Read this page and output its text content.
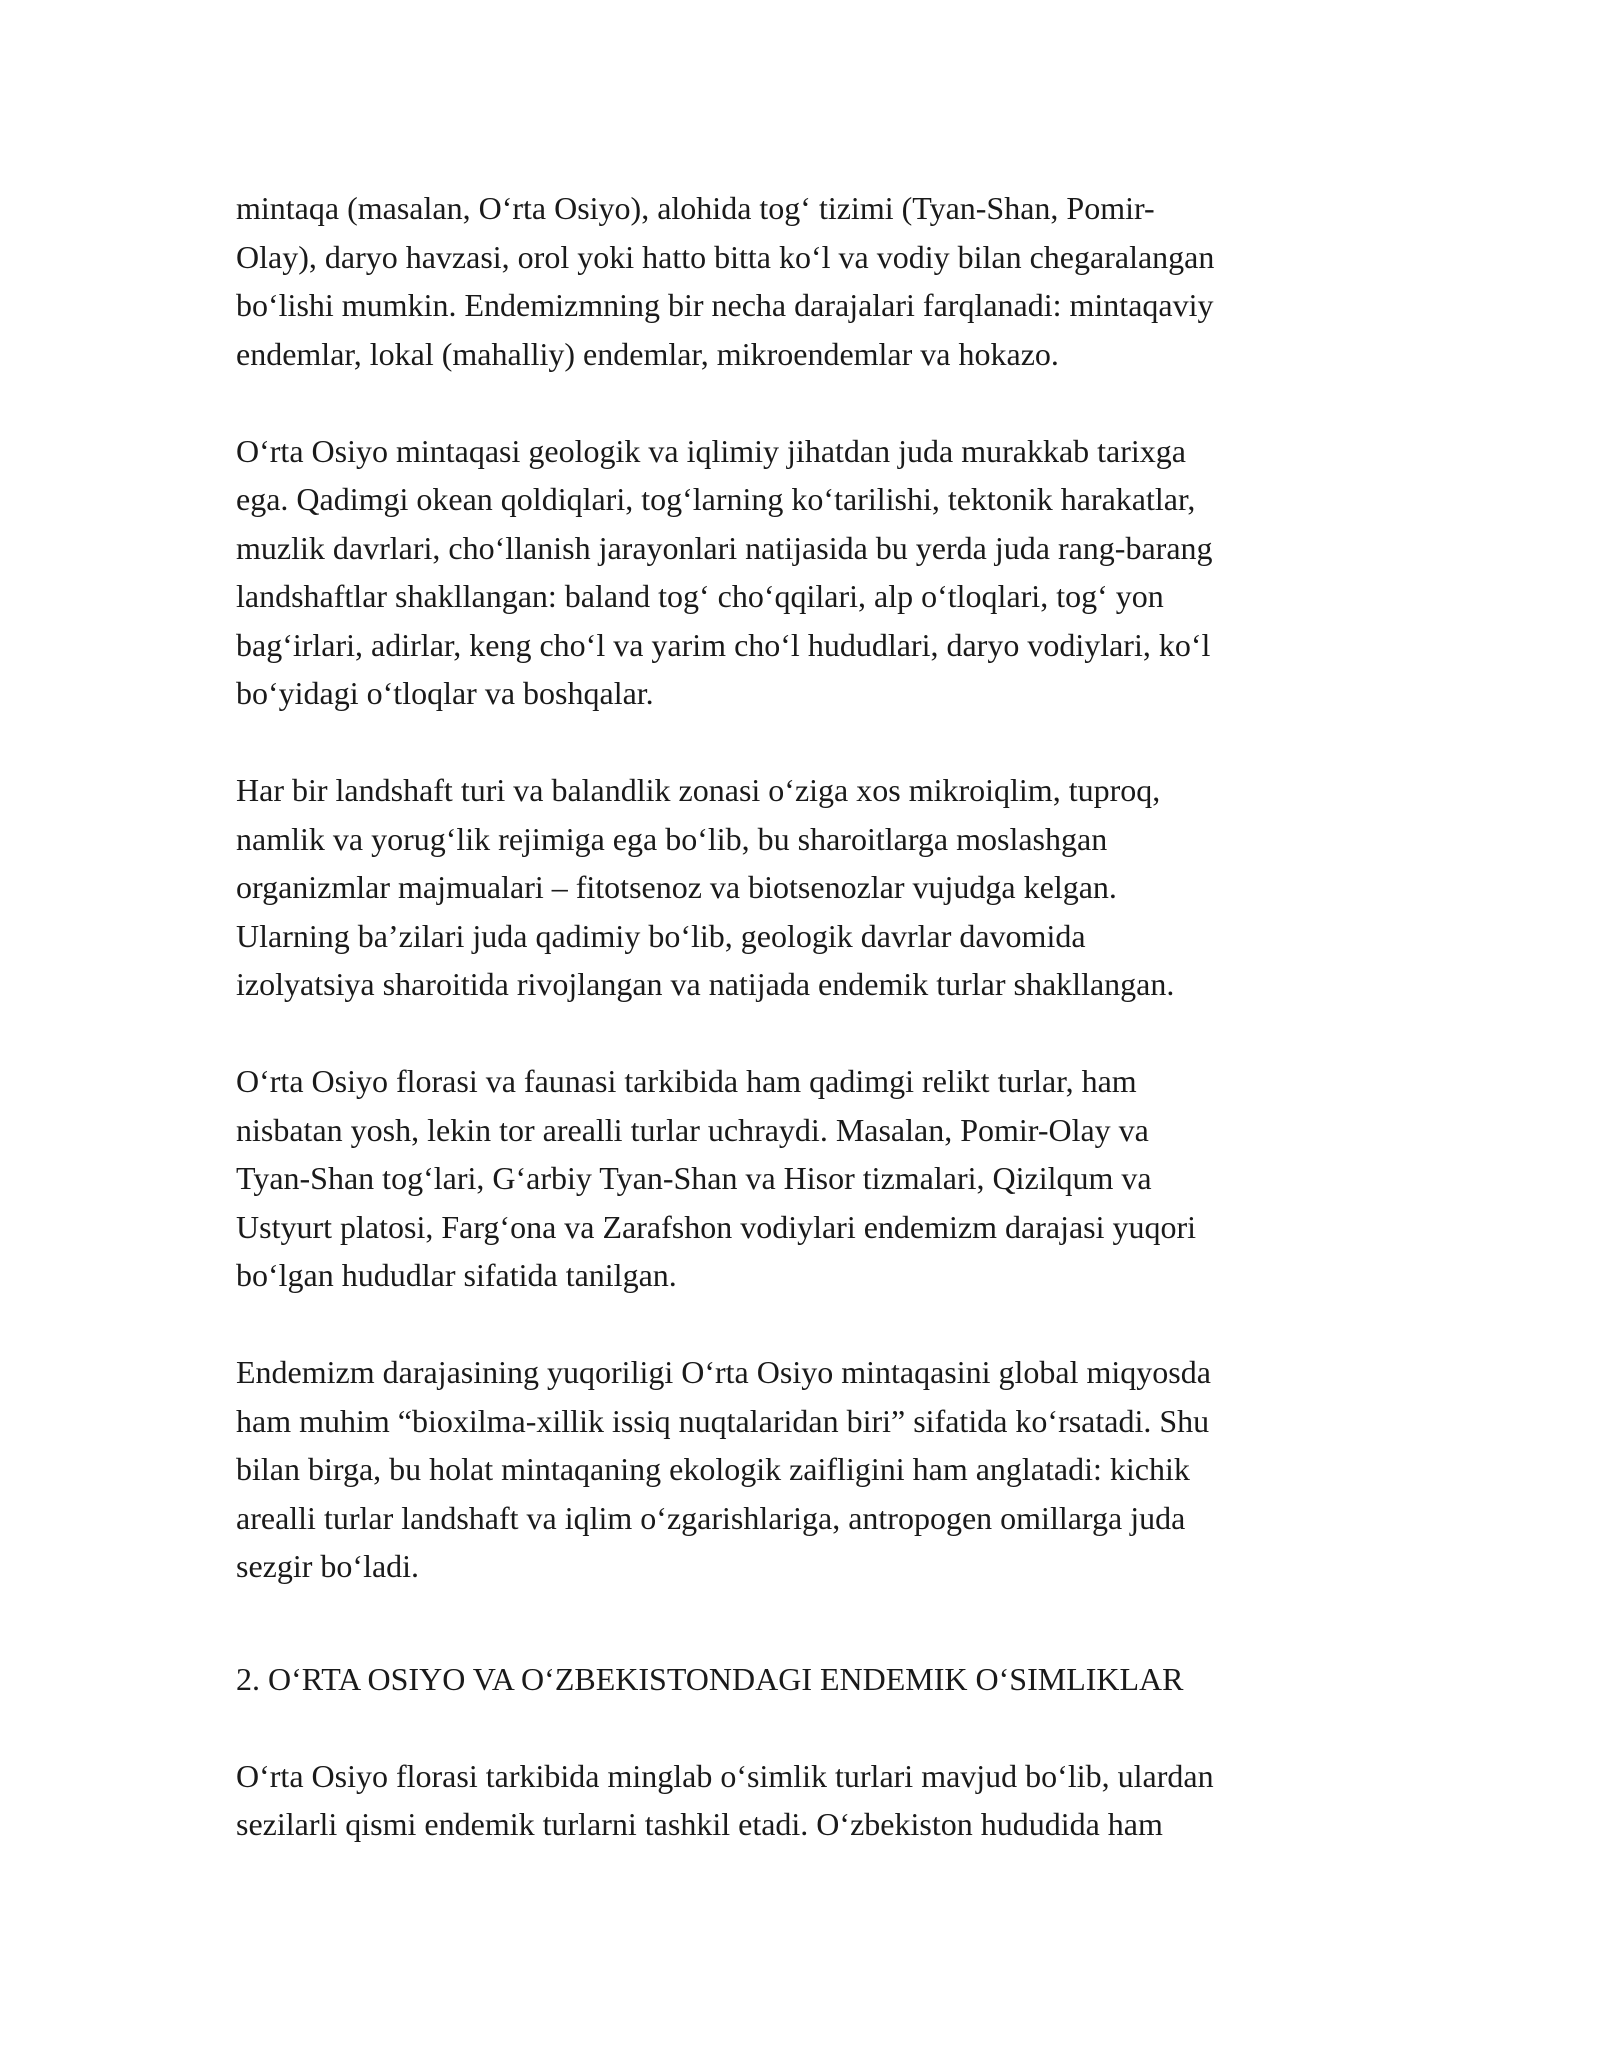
mintaqa (masalan, O‘rta Osiyo), alohida tog‘ tizimi (Tyan-Shan, Pomir-
Olay), daryo havzasi, orol yoki hatto bitta ko‘l va vodiy bilan chegaralangan
bo‘lishi mumkin. Endemizmning bir necha darajalari farqlanadi: mintaqaviy
endemlar, lokal (mahalliy) endemlar, mikroendemlar va hokazo.

O‘rta Osiyo mintaqasi geologik va iqlimiy jihatdan juda murakkab tarixga
ega. Qadimgi okean qoldiqlari, tog‘larning ko‘tarilishi, tektonik harakatlar,
muzlik davrlari, cho‘llanish jarayonlari natijasida bu yerda juda rang-barang
landshaftlar shakllangan: baland tog‘ cho‘qqilari, alp o‘tloqlari, tog‘ yon
bag‘irlari, adirlar, keng cho‘l va yarim cho‘l hududlari, daryo vodiylari, ko‘l
bo‘yidagi o‘tloqlar va boshqalar.

Har bir landshaft turi va balandlik zonasi o‘ziga xos mikroiqlim, tuproq,
namlik va yorug‘lik rejimiga ega bo‘lib, bu sharoitlarga moslashgan
organizmlar majmualari – fitotsenoz va biotsenozlar vujudga kelgan.
Ularning ba’zilari juda qadimiy bo‘lib, geologik davrlar davomida
izolyatsiya sharoitida rivojlangan va natijada endemik turlar shakllangan.

O‘rta Osiyo florasi va faunasi tarkibida ham qadimgi relikt turlar, ham
nisbatan yosh, lekin tor arealli turlar uchraydi. Masalan, Pomir-Olay va
Tyan-Shan tog‘lari, G‘arbiy Tyan-Shan va Hisor tizmalari, Qizilqum va
Ustyurt platosi, Farg‘ona va Zarafshon vodiylari endemizm darajasi yuqori
bo‘lgan hududlar sifatida tanilgan.

Endemizm darajasining yuqoriligi O‘rta Osiyo mintaqasini global miqyosda
ham muhim “bioxilma-xillik issiq nuqtalaridan biri” sifatida ko‘rsatadi. Shu
bilan birga, bu holat mintaqaning ekologik zaifligini ham anglatadi: kichik
arealli turlar landshaft va iqlim o‘zgarishlariga, antropogen omillarga juda
sezgir bo‘ladi.

2. O‘RTA OSIYO VA O‘ZBEKISTONDAGI ENDEMIK O‘SIMLIKLAR

O‘rta Osiyo florasi tarkibida minglab o‘simlik turlari mavjud bo‘lib, ulardan
sezilarli qismi endemik turlarni tashkil etadi. O‘zbekiston hududida ham
